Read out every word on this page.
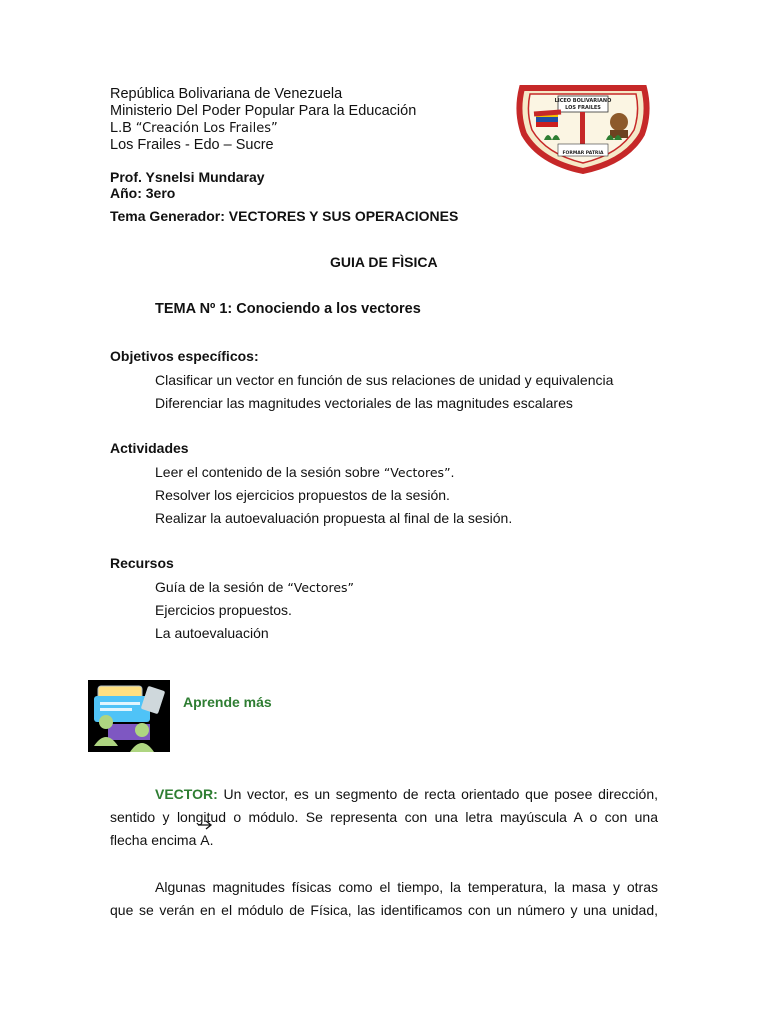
República Bolivariana de Venezuela
Ministerio Del Poder Popular Para la Educación
L.B “Creación Los Frailes”
Los Frailes - Edo – Sucre
LICEO BOLIVARIANO
LOS FRAILES
FORMAR PATRIA
Prof. Ysnelsi Mundaray
Año: 3ero
Tema Generador: VECTORES Y SUS OPERACIONES
GUIA DE FÌSICA
TEMA Nº 1: Conociendo a los vectores
Objetivos específicos:
Clasificar un vector en función de sus relaciones de unidad y equivalencia
Diferenciar las magnitudes vectoriales de las magnitudes escalares
Actividades
Leer el contenido de la sesión sobre “Vectores”.
Resolver los ejercicios propuestos de la sesión.
Realizar la autoevaluación propuesta al final de la sesión.
Recursos
Guía de la sesión de “Vectores”
Ejercicios propuestos.
La autoevaluación
Aprende más

VECTOR: Un vector, es un segmento de recta orientado que posee dirección,

sentido y longitud o módulo. Se representa con una letra mayúscula A o con una

flecha encima
A.

Algunas magnitudes físicas como el tiempo, la temperatura, la masa y otras

que se verán en el módulo de Física, las identificamos con un número y una unidad,
